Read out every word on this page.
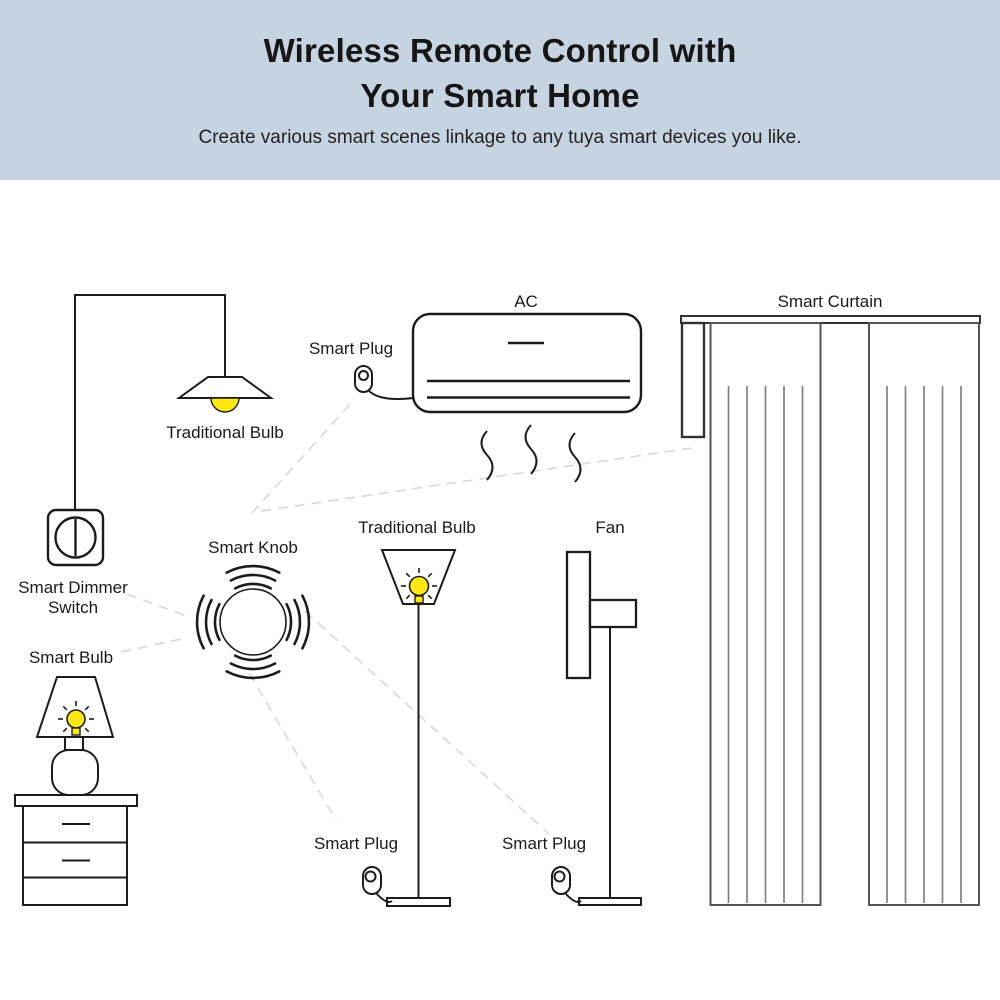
Wireless Remote Control with
Your Smart Home
Create various smart scenes linkage to any tuya smart devices you like.
Traditional Bulb
Smart Plug
AC	Smart Curtain
Smart Knob
Traditional Bulb	Fan
Smart Dimmer Switch
Smart Bulb
Smart Plug	Smart Plug
